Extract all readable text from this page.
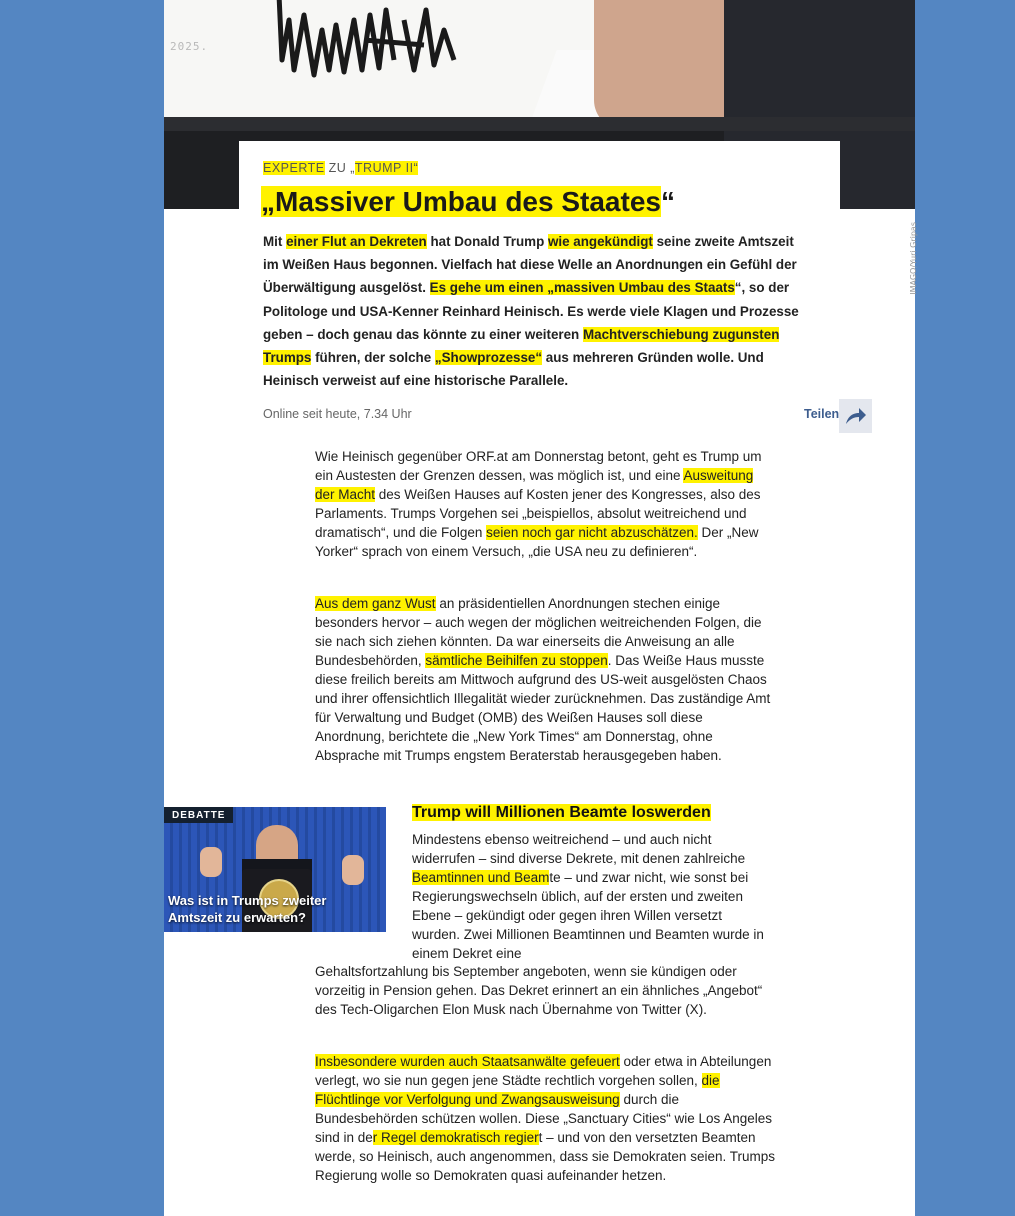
2025.
IMAGO/Yuri Gripas
EXPERTE ZU „TRUMP II“
„Massiver Umbau des Staates“

Mit einer Flut an Dekreten hat Donald Trump wie angekündigt seine zweite Amtszeit im Weißen Haus begonnen. Vielfach hat diese Welle an Anordnungen ein Gefühl der Überwältigung ausgelöst. Es gehe um einen „massiven Umbau des Staats“, so der Politologe und USA-Kenner Reinhard Heinisch. Es werde viele Klagen und Prozesse geben – doch genau das könnte zu einer weiteren Machtverschiebung zugunsten Trumps führen, der solche „Showprozesse“ aus mehreren Gründen wolle. Und Heinisch verweist auf eine historische Parallele.

Online seit heute, 7.34 Uhr	Teilen

Wie Heinisch gegenüber ORF.at am Donnerstag betont, geht es Trump um ein Austesten der Grenzen dessen, was möglich ist, und eine Ausweitung der Macht des Weißen Hauses auf Kosten jener des Kongresses, also des Parlaments. Trumps Vorgehen sei „beispiellos, absolut weitreichend und dramatisch“, und die Folgen seien noch gar nicht abzuschätzen. Der „New Yorker“ sprach von einem Versuch, „die USA neu zu definieren“.

Aus dem ganz Wust an präsidentiellen Anordnungen stechen einige besonders hervor – auch wegen der möglichen weitreichenden Folgen, die sie nach sich ziehen könnten. Da war einerseits die Anweisung an alle Bundesbehörden, sämtliche Beihilfen zu stoppen. Das Weiße Haus musste diese freilich bereits am Mittwoch aufgrund des US-weit ausgelösten Chaos und ihrer offensichtlich Illegalität wieder zurücknehmen. Das zuständige Amt für Verwaltung und Budget (OMB) des Weißen Hauses soll diese Anordnung, berichtete die „New York Times“ am Donnerstag, ohne Absprache mit Trumps engstem Beraterstab herausgegeben haben.

DEBATTE
Was ist in Trumps zweiter Amtszeit zu erwarten?
Trump will Millionen Beamte loswerden

Mindestens ebenso weitreichend – und auch nicht widerrufen – sind diverse Dekrete, mit denen zahlreiche Beamtinnen und Beamte – und zwar nicht, wie sonst bei Regierungswechseln üblich, auf der ersten und zweiten Ebene – gekündigt oder gegen ihren Willen versetzt wurden. Zwei Millionen Beamtinnen und Beamten wurde in einem Dekret eine

Gehaltsfortzahlung bis September angeboten, wenn sie kündigen oder vorzeitig in Pension gehen. Das Dekret erinnert an ein ähnliches „Angebot“ des Tech-Oligarchen Elon Musk nach Übernahme von Twitter (X).

Insbesondere wurden auch Staatsanwälte gefeuert oder etwa in Abteilungen verlegt, wo sie nun gegen jene Städte rechtlich vorgehen sollen, die Flüchtlinge vor Verfolgung und Zwangsausweisung durch die Bundesbehörden schützen wollen. Diese „Sanctuary Cities“ wie Los Angeles sind in der Regel demokratisch regiert – und von den versetzten Beamten werde, so Heinisch, auch angenommen, dass sie Demokraten seien. Trumps Regierung wolle so Demokraten quasi aufeinander hetzen.
